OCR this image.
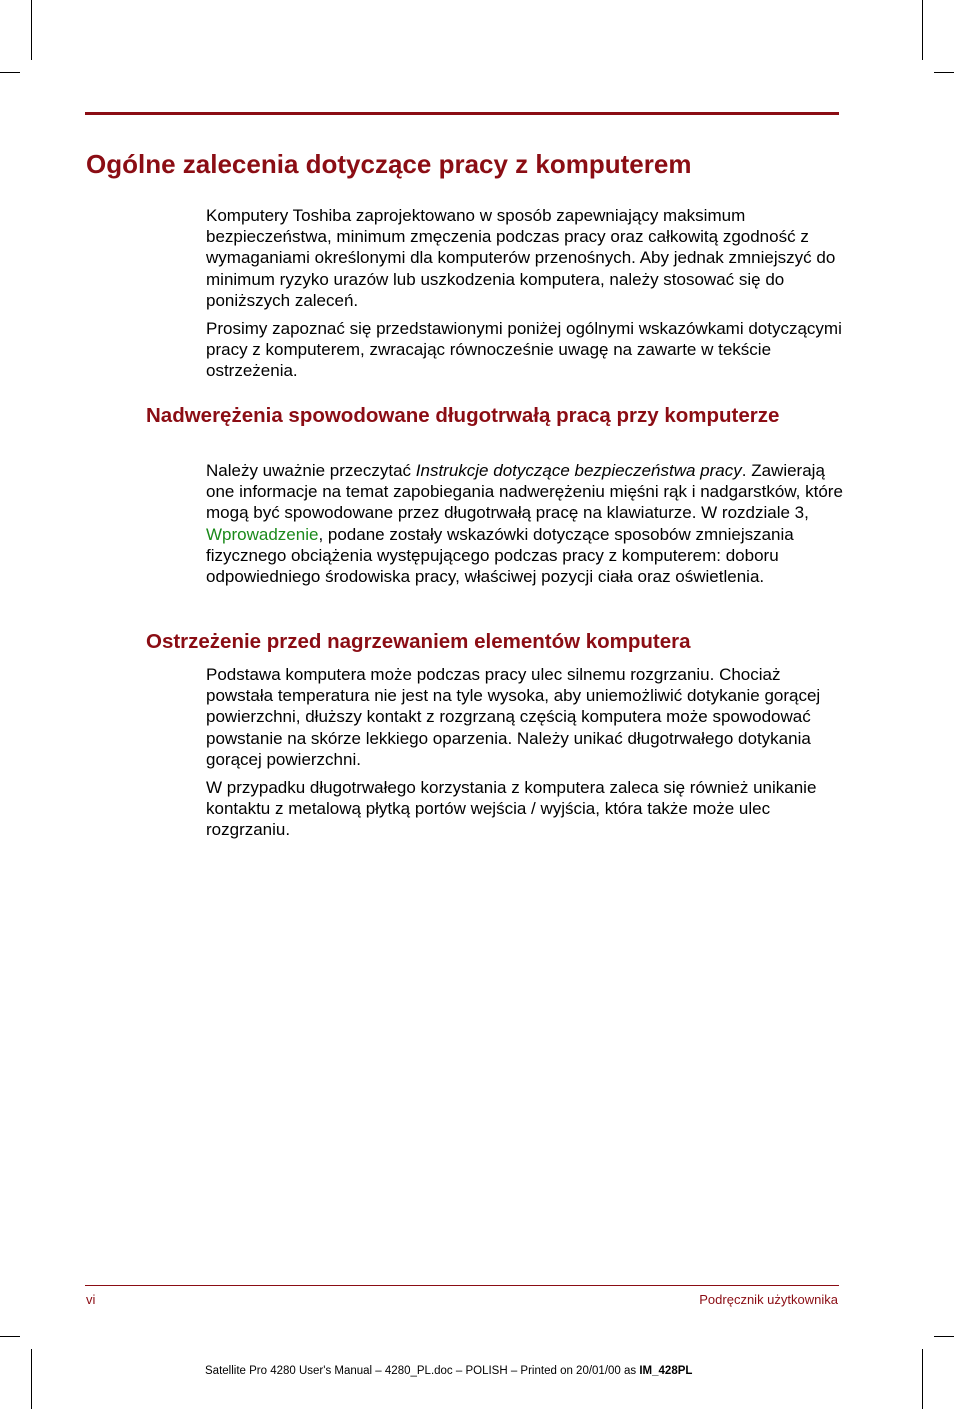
Ogólne zalecenia dotyczące pracy z komputerem

Komputery Toshiba zaprojektowano w sposób zapewniający maksimum bezpieczeństwa, minimum zmęczenia podczas pracy oraz całkowitą zgodność z wymaganiami określonymi dla komputerów przenośnych. Aby jednak zmniejszyć do minimum ryzyko urazów lub uszkodzenia komputera, należy stosować się do poniższych zaleceń.

Prosimy zapoznać się przedstawionymi poniżej ogólnymi wskazówkami dotyczącymi pracy z komputerem, zwracając równocześnie uwagę na zawarte w tekście ostrzeżenia.

Nadwerężenia spowodowane długotrwałą pracą przy komputerze

Należy uważnie przeczytać Instrukcje dotyczące bezpieczeństwa pracy. Zawierają one informacje na temat zapobiegania nadwerężeniu mięśni rąk i nadgarstków, które mogą być spowodowane przez długotrwałą pracę na klawiaturze. W rozdziale 3, Wprowadzenie, podane zostały wskazówki dotyczące sposobów zmniejszania fizycznego obciążenia występującego podczas pracy z komputerem: doboru odpowiedniego środowiska pracy, właściwej pozycji ciała oraz oświetlenia.

Ostrzeżenie przed nagrzewaniem elementów komputera

Podstawa komputera może podczas pracy ulec silnemu rozgrzaniu. Chociaż powstała temperatura nie jest na tyle wysoka, aby uniemożliwić dotykanie gorącej powierzchni, dłuższy kontakt z rozgrzaną częścią komputera może spowodować powstanie na skórze lekkiego oparzenia. Należy unikać długotrwałego dotykania gorącej powierzchni.

W przypadku długotrwałego korzystania z komputera zaleca się również unikanie kontaktu z metalową płytką portów wejścia / wyjścia, która także może ulec rozgrzaniu.

vi	Podręcznik użytkownika
Satellite Pro 4280 User's Manual – 4280_PL.doc – POLISH – Printed on 20/01/00 as IM_428PL
